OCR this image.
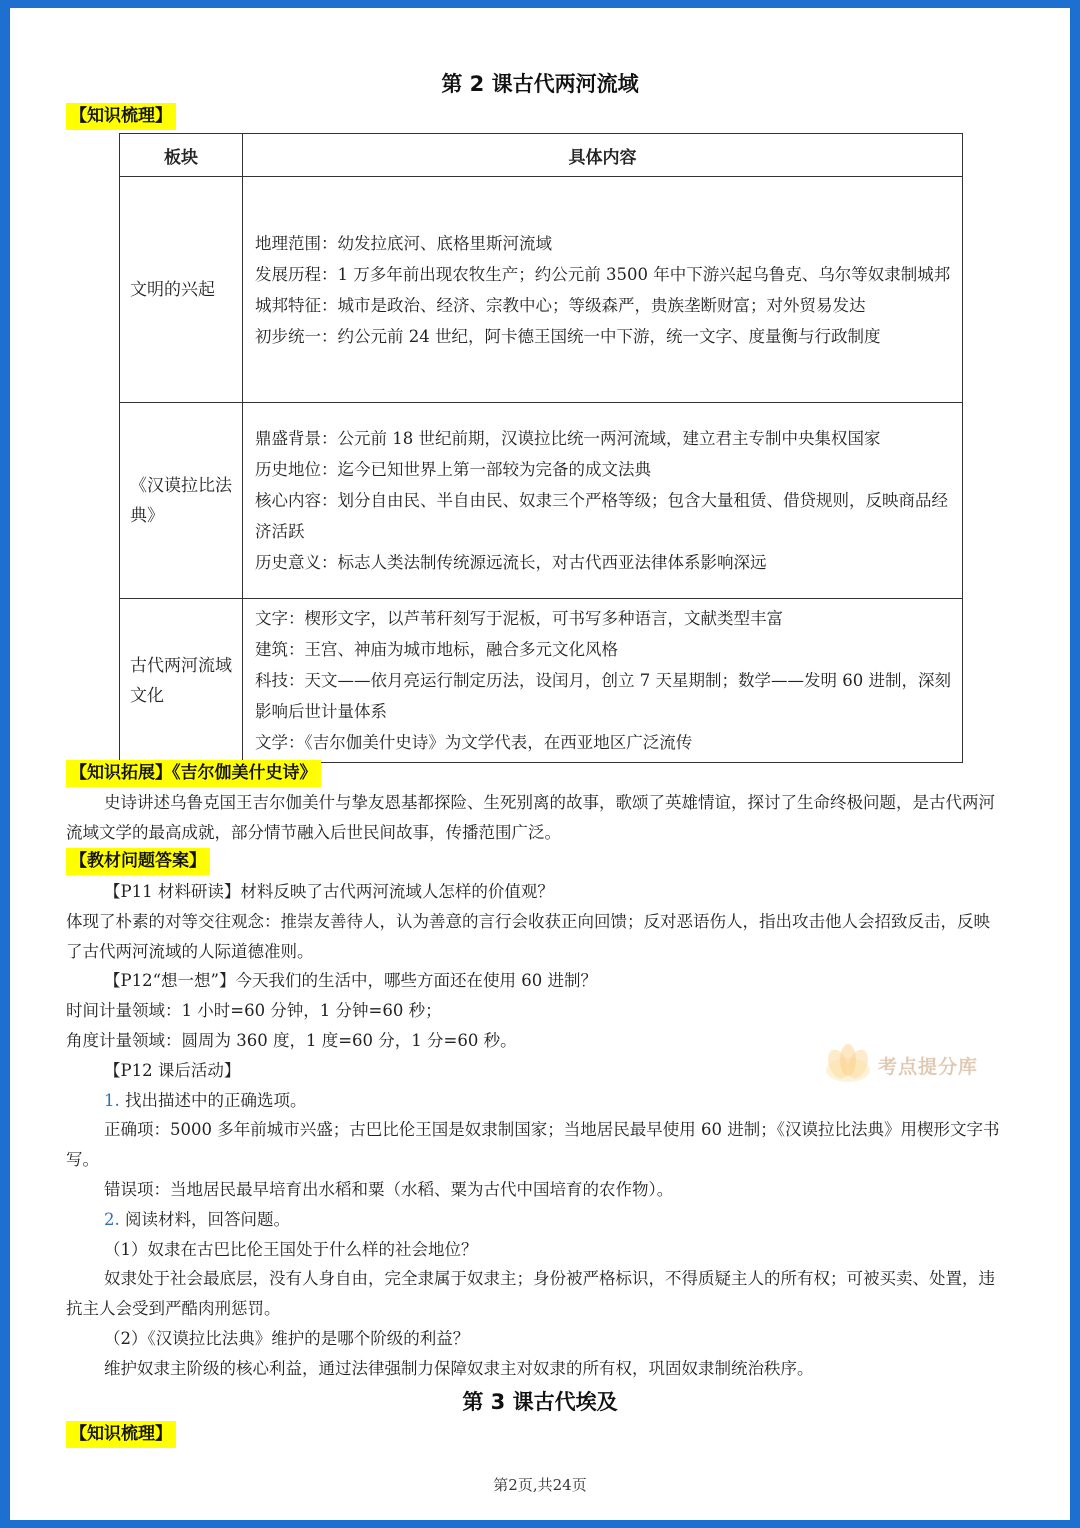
第 2 课古代两河流域
【知识梳理】
板块	具体内容
文明的兴起	地理范围：幼发拉底河、底格里斯河流域

发展历程：1 万多年前出现农牧生产；约公元前 3500 年中下游兴起乌鲁克、乌尔等奴隶制城邦

城邦特征：城市是政治、经济、宗教中心；等级森严，贵族垄断财富；对外贸易发达

初步统一：约公元前 24 世纪，阿卡德王国统一中下游，统一文字、度量衡与行政制度

《汉谟拉比法典》	鼎盛背景：公元前 18 世纪前期，汉谟拉比统一两河流域，建立君主专制中央集权国家

历史地位：迄今已知世界上第一部较为完备的成文法典

核心内容：划分自由民、半自由民、奴隶三个严格等级；包含大量租赁、借贷规则，反映商品经济活跃

历史意义：标志人类法制传统源远流长，对古代西亚法律体系影响深远

古代两河流域文化	文字：楔形文字，以芦苇秆刻写于泥板，可书写多种语言，文献类型丰富

建筑：王宫、神庙为城市地标，融合多元文化风格

科技：天文——依月亮运行制定历法，设闰月，创立 7 天星期制；数学——发明 60 进制，深刻影响后世计量体系

文学：《吉尔伽美什史诗》为文学代表，在西亚地区广泛流传

【知识拓展】《吉尔伽美什史诗》

史诗讲述乌鲁克国王吉尔伽美什与挚友恩基都探险、生死别离的故事，歌颂了英雄情谊，探讨了生命终极问题，是古代两河流域文学的最高成就，部分情节融入后世民间故事，传播范围广泛。

【教材问题答案】

【P11 材料研读】材料反映了古代两河流域人怎样的价值观？

体现了朴素的对等交往观念：推崇友善待人，认为善意的言行会收获正向回馈；反对恶语伤人，指出攻击他人会招致反击，反映了古代两河流域的人际道德准则。

【P12“想一想”】今天我们的生活中，哪些方面还在使用 60 进制？

时间计量领域：1 小时=60 分钟，1 分钟=60 秒；

角度计量领域：圆周为 360 度，1 度=60 分，1 分=60 秒。

【P12 课后活动】

1. 找出描述中的正确选项。

正确项：5000 多年前城市兴盛；古巴比伦王国是奴隶制国家；当地居民最早使用 60 进制；《汉谟拉比法典》用楔形文字书写。

错误项：当地居民最早培育出水稻和粟（水稻、粟为古代中国培育的农作物）。

2. 阅读材料，回答问题。

（1）奴隶在古巴比伦王国处于什么样的社会地位？

奴隶处于社会最底层，没有人身自由，完全隶属于奴隶主；身份被严格标识，不得质疑主人的所有权；可被买卖、处置，违抗主人会受到严酷肉刑惩罚。

（2）《汉谟拉比法典》维护的是哪个阶级的利益？

维护奴隶主阶级的核心利益，通过法律强制力保障奴隶主对奴隶的所有权，巩固奴隶制统治秩序。

第 3 课古代埃及
【知识梳理】
考点提分库
第2页,共24页
